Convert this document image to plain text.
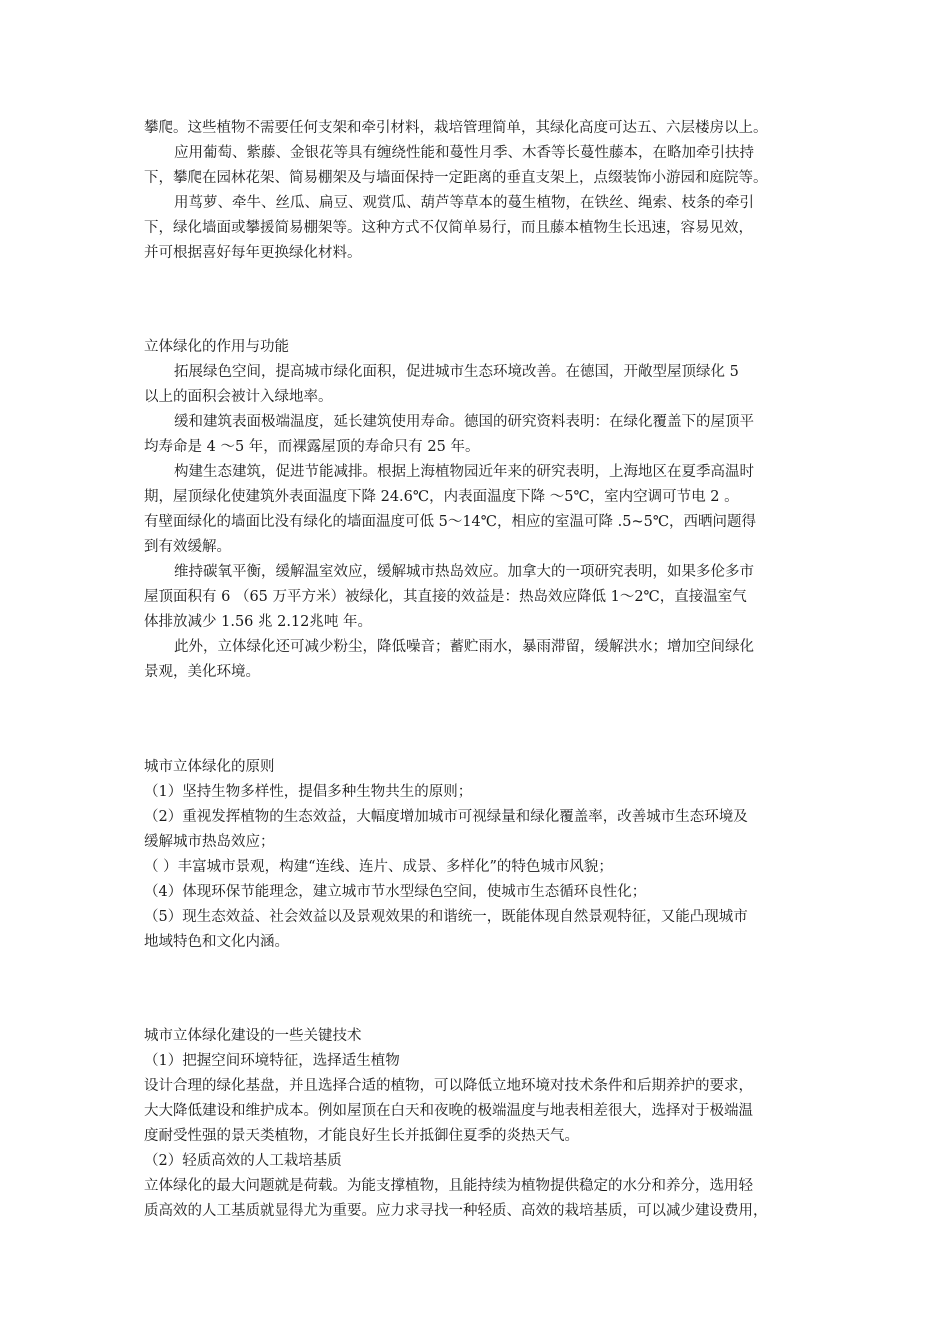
攀爬。这些植物不需要任何支架和牵引材料，栽培管理简单，其绿化高度可达五、六层楼房以上。
应用葡萄、紫藤、金银花等具有缠绕性能和蔓性月季、木香等长蔓性藤本，在略加牵引扶持
下，攀爬在园林花架、简易棚架及与墙面保持一定距离的垂直支架上，点缀装饰小游园和庭院等。
用茑萝、牵牛、丝瓜、扁豆、观赏瓜、葫芦等草本的蔓生植物，在铁丝、绳索、枝条的牵引
下，绿化墙面或攀援简易棚架等。这种方式不仅简单易行，而且藤本植物生长迅速，容易见效，
并可根据喜好每年更换绿化材料。
立体绿化的作用与功能
拓展绿色空间，提高城市绿化面积，促进城市生态环境改善。在德国，开敞型屋顶绿化 5
以上的面积会被计入绿地率。
缓和建筑表面极端温度，延长建筑使用寿命。德国的研究资料表明：在绿化覆盖下的屋顶平
均寿命是 4 ～5 年，而裸露屋顶的寿命只有 25 年。
构建生态建筑，促进节能减排。根据上海植物园近年来的研究表明，上海地区在夏季高温时
期，屋顶绿化使建筑外表面温度下降 24.6℃，内表面温度下降 ～5℃，室内空调可节电 2 。
有壁面绿化的墙面比没有绿化的墙面温度可低 5～14℃，相应的室温可降 .5~5℃，西晒问题得
到有效缓解。
维持碳氧平衡，缓解温室效应，缓解城市热岛效应。加拿大的一项研究表明，如果多伦多市
屋顶面积有 6 （65 万平方米）被绿化，其直接的效益是：热岛效应降低 1～2℃，直接温室气
体排放减少 1.56 兆 2.12兆吨 年。
此外，立体绿化还可减少粉尘，降低噪音；蓄贮雨水，暴雨滞留，缓解洪水；增加空间绿化
景观，美化环境。
城市立体绿化的原则
（1）坚持生物多样性，提倡多种生物共生的原则；
（2）重视发挥植物的生态效益，大幅度增加城市可视绿量和绿化覆盖率，改善城市生态环境及
缓解城市热岛效应；
（ ）丰富城市景观，构建“连线、连片、成景、多样化”的特色城市风貌；
（4）体现环保节能理念，建立城市节水型绿色空间，使城市生态循环良性化；
（5）现生态效益、社会效益以及景观效果的和谐统一，既能体现自然景观特征，又能凸现城市
地域特色和文化内涵。
城市立体绿化建设的一些关键技术
（1）把握空间环境特征，选择适生植物
设计合理的绿化基盘，并且选择合适的植物，可以降低立地环境对技术条件和后期养护的要求，
大大降低建设和维护成本。例如屋顶在白天和夜晚的极端温度与地表相差很大，选择对于极端温
度耐受性强的景天类植物，才能良好生长并抵御住夏季的炎热天气。
（2）轻质高效的人工栽培基质
立体绿化的最大问题就是荷载。为能支撑植物，且能持续为植物提供稳定的水分和养分，选用轻
质高效的人工基质就显得尤为重要。应力求寻找一种轻质、高效的栽培基质，可以减少建设费用，
